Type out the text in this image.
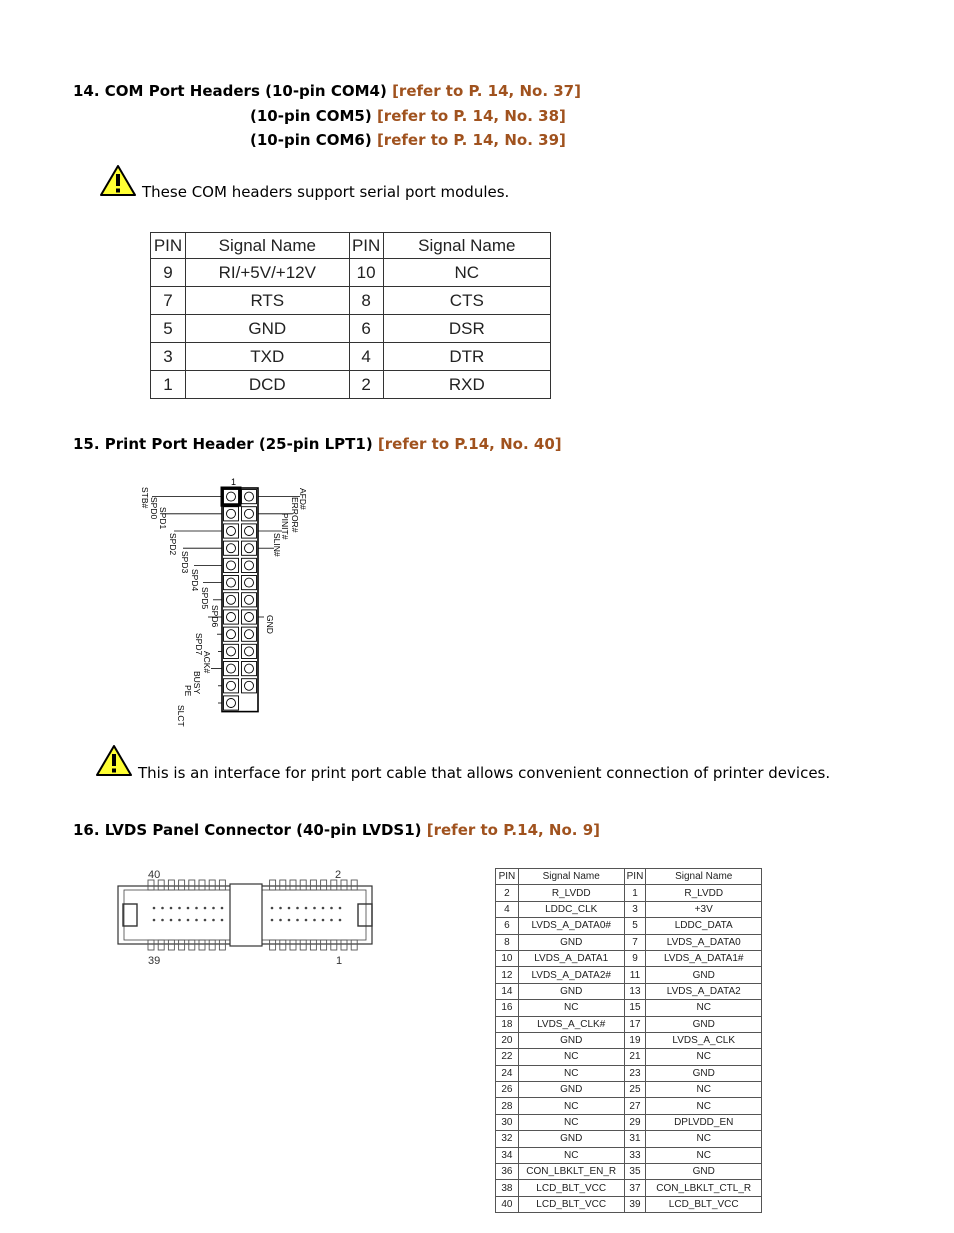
14. COM Port Headers (10-pin COM4) [refer to P. 14, No. 37]
(10-pin COM5) [refer to P. 14, No. 38]
(10-pin COM6) [refer to P. 14, No. 39]
These COM headers support serial port modules.
PIN	Signal Name	PIN	Signal Name
9	RI/+5V/+12V	10	NC
7	RTS	8	CTS
5	GND	6	DSR
3	TXD	4	DTR
1	DCD	2	RXD
15. Print Port Header (25-pin LPT1) [refer to P.14, No. 40]
1
STB# SPD0 SPD1
SPD2
SPD3
SPD4
SPD5
SPD6
SPD7
ACK#
BUSY
PE
SLCT
AFD#
ERROR#
PINIT#
SLIN#
GND
This is an interface for print port cable that allows convenient connection of printer devices.
16. LVDS Panel Connector (40-pin LVDS1) [refer to P.14, No. 9]
40	2
39	1
PIN	Signal Name	PIN	Signal Name
2	R_LVDD	1	R_LVDD
4	LDDC_CLK	3	+3V
6	LVDS_A_DATA0#	5	LDDC_DATA
8	GND	7	LVDS_A_DATA0
10	LVDS_A_DATA1	9	LVDS_A_DATA1#
12	LVDS_A_DATA2#	11	GND
14	GND	13	LVDS_A_DATA2
16	NC	15	NC
18	LVDS_A_CLK#	17	GND
20	GND	19	LVDS_A_CLK
22	NC	21	NC
24	NC	23	GND
26	GND	25	NC
28	NC	27	NC
30	NC	29	DPLVDD_EN
32	GND	31	NC
34	NC	33	NC
36	CON_LBKLT_EN_R	35	GND
38	LCD_BLT_VCC	37	CON_LBKLT_CTL_R
40	LCD_BLT_VCC	39	LCD_BLT_VCC
